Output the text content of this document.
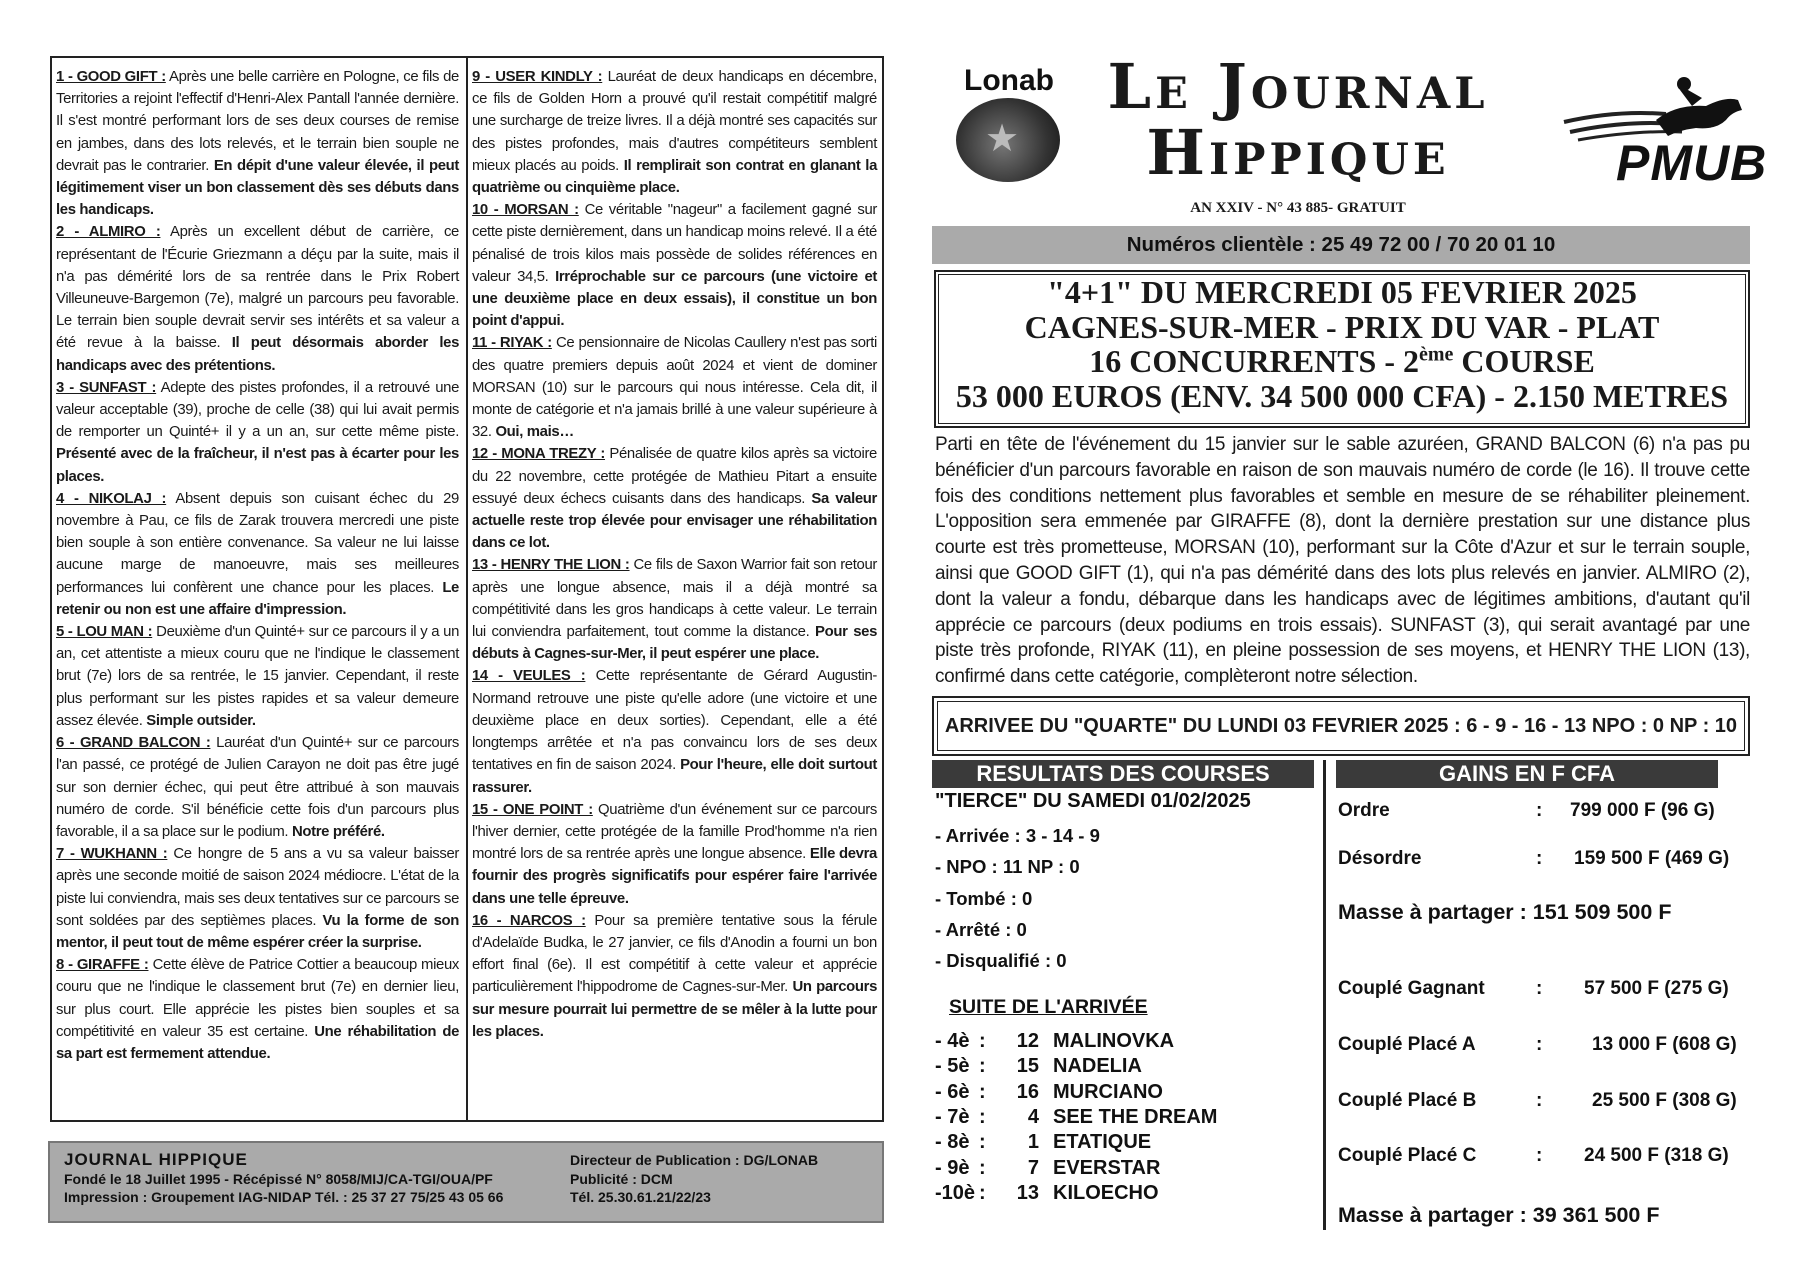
1 - GOOD GIFT : Après une belle carrière en Pologne, ce fils de Territories a rejoint l'effectif d'Henri-Alex Pantall l'année dernière. Il s'est montré performant lors de ses deux courses de remise en jambes, dans des lots relevés, et le terrain bien souple ne devrait pas le contrarier. En dépit d'une valeur élevée, il peut légitimement viser un bon classement dès ses débuts dans les handicaps.
2 - ALMIRO : Après un excellent début de carrière, ce représentant de l'Écurie Griezmann a déçu par la suite, mais il n'a pas démérité lors de sa rentrée dans le Prix Robert Villeuneuve-Bargemon (7e), malgré un parcours peu favorable. Le terrain bien souple devrait servir ses intérêts et sa valeur a été revue à la baisse. Il peut désormais aborder les handicaps avec des prétentions.
3 - SUNFAST : Adepte des pistes profondes, il a retrouvé une valeur acceptable (39), proche de celle (38) qui lui avait permis de remporter un Quinté+ il y a un an, sur cette même piste. Présenté avec de la fraîcheur, il n'est pas à écarter pour les places.
4 - NIKOLAJ : Absent depuis son cuisant échec du 29 novembre à Pau, ce fils de Zarak trouvera mercredi une piste bien souple à son entière convenance. Sa valeur ne lui laisse aucune marge de manoeuvre, mais ses meilleures performances lui confèrent une chance pour les places. Le retenir ou non est une affaire d'impression.
5 - LOU MAN : Deuxième d'un Quinté+ sur ce parcours il y a un an, cet attentiste a mieux couru que ne l'indique le classement brut (7e) lors de sa rentrée, le 15 janvier. Cependant, il reste plus performant sur les pistes rapides et sa valeur demeure assez élevée. Simple outsider.
6 - GRAND BALCON : Lauréat d'un Quinté+ sur ce parcours l'an passé, ce protégé de Julien Carayon ne doit pas être jugé sur son dernier échec, qui peut être attribué à son mauvais numéro de corde. S'il bénéficie cette fois d'un parcours plus favorable, il a sa place sur le podium. Notre préféré.
7 - WUKHANN : Ce hongre de 5 ans a vu sa valeur baisser après une seconde moitié de saison 2024 médiocre. L'état de la piste lui conviendra, mais ses deux tentatives sur ce parcours se sont soldées par des septièmes places. Vu la forme de son mentor, il peut tout de même espérer créer la surprise.
8 - GIRAFFE : Cette élève de Patrice Cottier a beaucoup mieux couru que ne l'indique le classement brut (7e) en dernier lieu, sur plus court. Elle apprécie les pistes bien souples et sa compétitivité en valeur 35 est certaine. Une réhabilitation de sa part est fermement attendue.
9 - USER KINDLY : Lauréat de deux handicaps en décembre, ce fils de Golden Horn a prouvé qu'il restait compétitif malgré une surcharge de treize livres. Il a déjà montré ses capacités sur des pistes profondes, mais d'autres compétiteurs semblent mieux placés au poids. Il remplirait son contrat en glanant la quatrième ou cinquième place.
10 - MORSAN : Ce véritable "nageur" a facilement gagné sur cette piste dernièrement, dans un handicap moins relevé. Il a été pénalisé de trois kilos mais possède de solides références en valeur 34,5. Irréprochable sur ce parcours (une victoire et une deuxième place en deux essais), il constitue un bon point d'appui.
11 - RIYAK : Ce pensionnaire de Nicolas Caullery n'est pas sorti des quatre premiers depuis août 2024 et vient de dominer MORSAN (10) sur le parcours qui nous intéresse. Cela dit, il monte de catégorie et n'a jamais brillé à une valeur supérieure à 32. Oui, mais…
12 - MONA TREZY : Pénalisée de quatre kilos après sa victoire du 22 novembre, cette protégée de Mathieu Pitart a ensuite essuyé deux échecs cuisants dans des handicaps. Sa valeur actuelle reste trop élevée pour envisager une réhabilitation dans ce lot.
13 - HENRY THE LION : Ce fils de Saxon Warrior fait son retour après une longue absence, mais il a déjà montré sa compétitivité dans les gros handicaps à cette valeur. Le terrain lui conviendra parfaitement, tout comme la distance. Pour ses débuts à Cagnes-sur-Mer, il peut espérer une place.
14 - VEULES : Cette représentante de Gérard Augustin-Normand retrouve une piste qu'elle adore (une victoire et une deuxième place en deux sorties). Cependant, elle a été longtemps arrêtée et n'a pas convaincu lors de ses deux tentatives en fin de saison 2024. Pour l'heure, elle doit surtout rassurer.
15 - ONE POINT : Quatrième d'un événement sur ce parcours l'hiver dernier, cette protégée de la famille Prod'homme n'a rien montré lors de sa rentrée après une longue absence. Elle devra fournir des progrès significatifs pour espérer faire l'arrivée dans une telle épreuve.
16 - NARCOS : Pour sa première tentative sous la férule d'Adelaïde Budka, le 27 janvier, ce fils d'Anodin a fourni un bon effort final (6e). Il est compétitif à cette valeur et apprécie particulièrement l'hippodrome de Cagnes-sur-Mer. Un parcours sur mesure pourrait lui permettre de se mêler à la lutte pour les places.
JOURNAL HIPPIQUE
Fondé le 18 Juillet 1995 - Récépissé N° 8058/MIJ/CA-TGI/OUA/PF
Impression : Groupement IAG-NIDAP Tél. : 25 37 27 75/25 43 05 66
Directeur de Publication : DG/LONAB
Publicité : DCM
Tél. 25.30.61.21/22/23
★
Lonab Le Journal
Hippique
AN XXIV - N° 43 885- GRATUIT
PMUB
Numéros clientèle : 25 49 72 00 / 70 20 01 10
"4+1" DU MERCREDI 05 FEVRIER 2025
CAGNES-SUR-MER - PRIX DU VAR - PLAT
16 CONCURRENTS - 2ème COURSE
53 000 EUROS (ENV. 34 500 000 CFA) - 2.150 METRES
Parti en tête de l'événement du 15 janvier sur le sable azuréen, GRAND BALCON (6) n'a pas pu bénéficier d'un parcours favorable en raison de son mauvais numéro de corde (le 16). Il trouve cette fois des conditions nettement plus favorables et semble en mesure de se réhabiliter pleinement. L'opposition sera emmenée par GIRAFFE (8), dont la dernière prestation sur une distance plus courte est très prometteuse, MORSAN (10), performant sur la Côte d'Azur et sur le terrain souple, ainsi que GOOD GIFT (1), qui n'a pas démérité dans des lots plus relevés en janvier. ALMIRO (2), dont la valeur a fondu, débarque dans les handicaps avec de légitimes ambitions, d'autant qu'il apprécie ce parcours (deux podiums en trois essais). SUNFAST (3), qui serait avantagé par une piste très profonde, RIYAK (11), en pleine possession de ses moyens, et HENRY THE LION (13), confirmé dans cette catégorie, complèteront notre sélection.
ARRIVEE DU "QUARTE" DU LUNDI 03 FEVRIER 2025 : 6 - 9 - 16 - 13 NPO : 0 NP : 10
RESULTATS DES COURSES	GAINS EN F CFA
"TIERCE" DU SAMEDI 01/02/2025
- Arrivée : 3 - 14 - 9
- NPO : 11 NP : 0
- Tombé : 0
- Arrêté : 0
- Disqualifié : 0
SUITE DE L'ARRIVÉE
- 4è : 12 MALINOVKA
- 5è : 15 NADELIA
- 6è : 16 MURCIANO
- 7è : 4 SEE THE DREAM
- 8è : 1 ETATIQUE
- 9è : 7 EVERSTAR
-10è : 13 KILOECHO
Ordre	: 799 000 F (96 G)
Désordre	: 159 500 F (469 G)
Masse à partager : 151 509 500 F
Couplé Gagnant	: 57 500 F (275 G)
Couplé Placé A	:	13 000 F (608 G)
Couplé Placé B	:	25 500 F (308 G)
Couplé Placé C	: 24 500 F (318 G)
Masse à partager : 39 361 500 F
